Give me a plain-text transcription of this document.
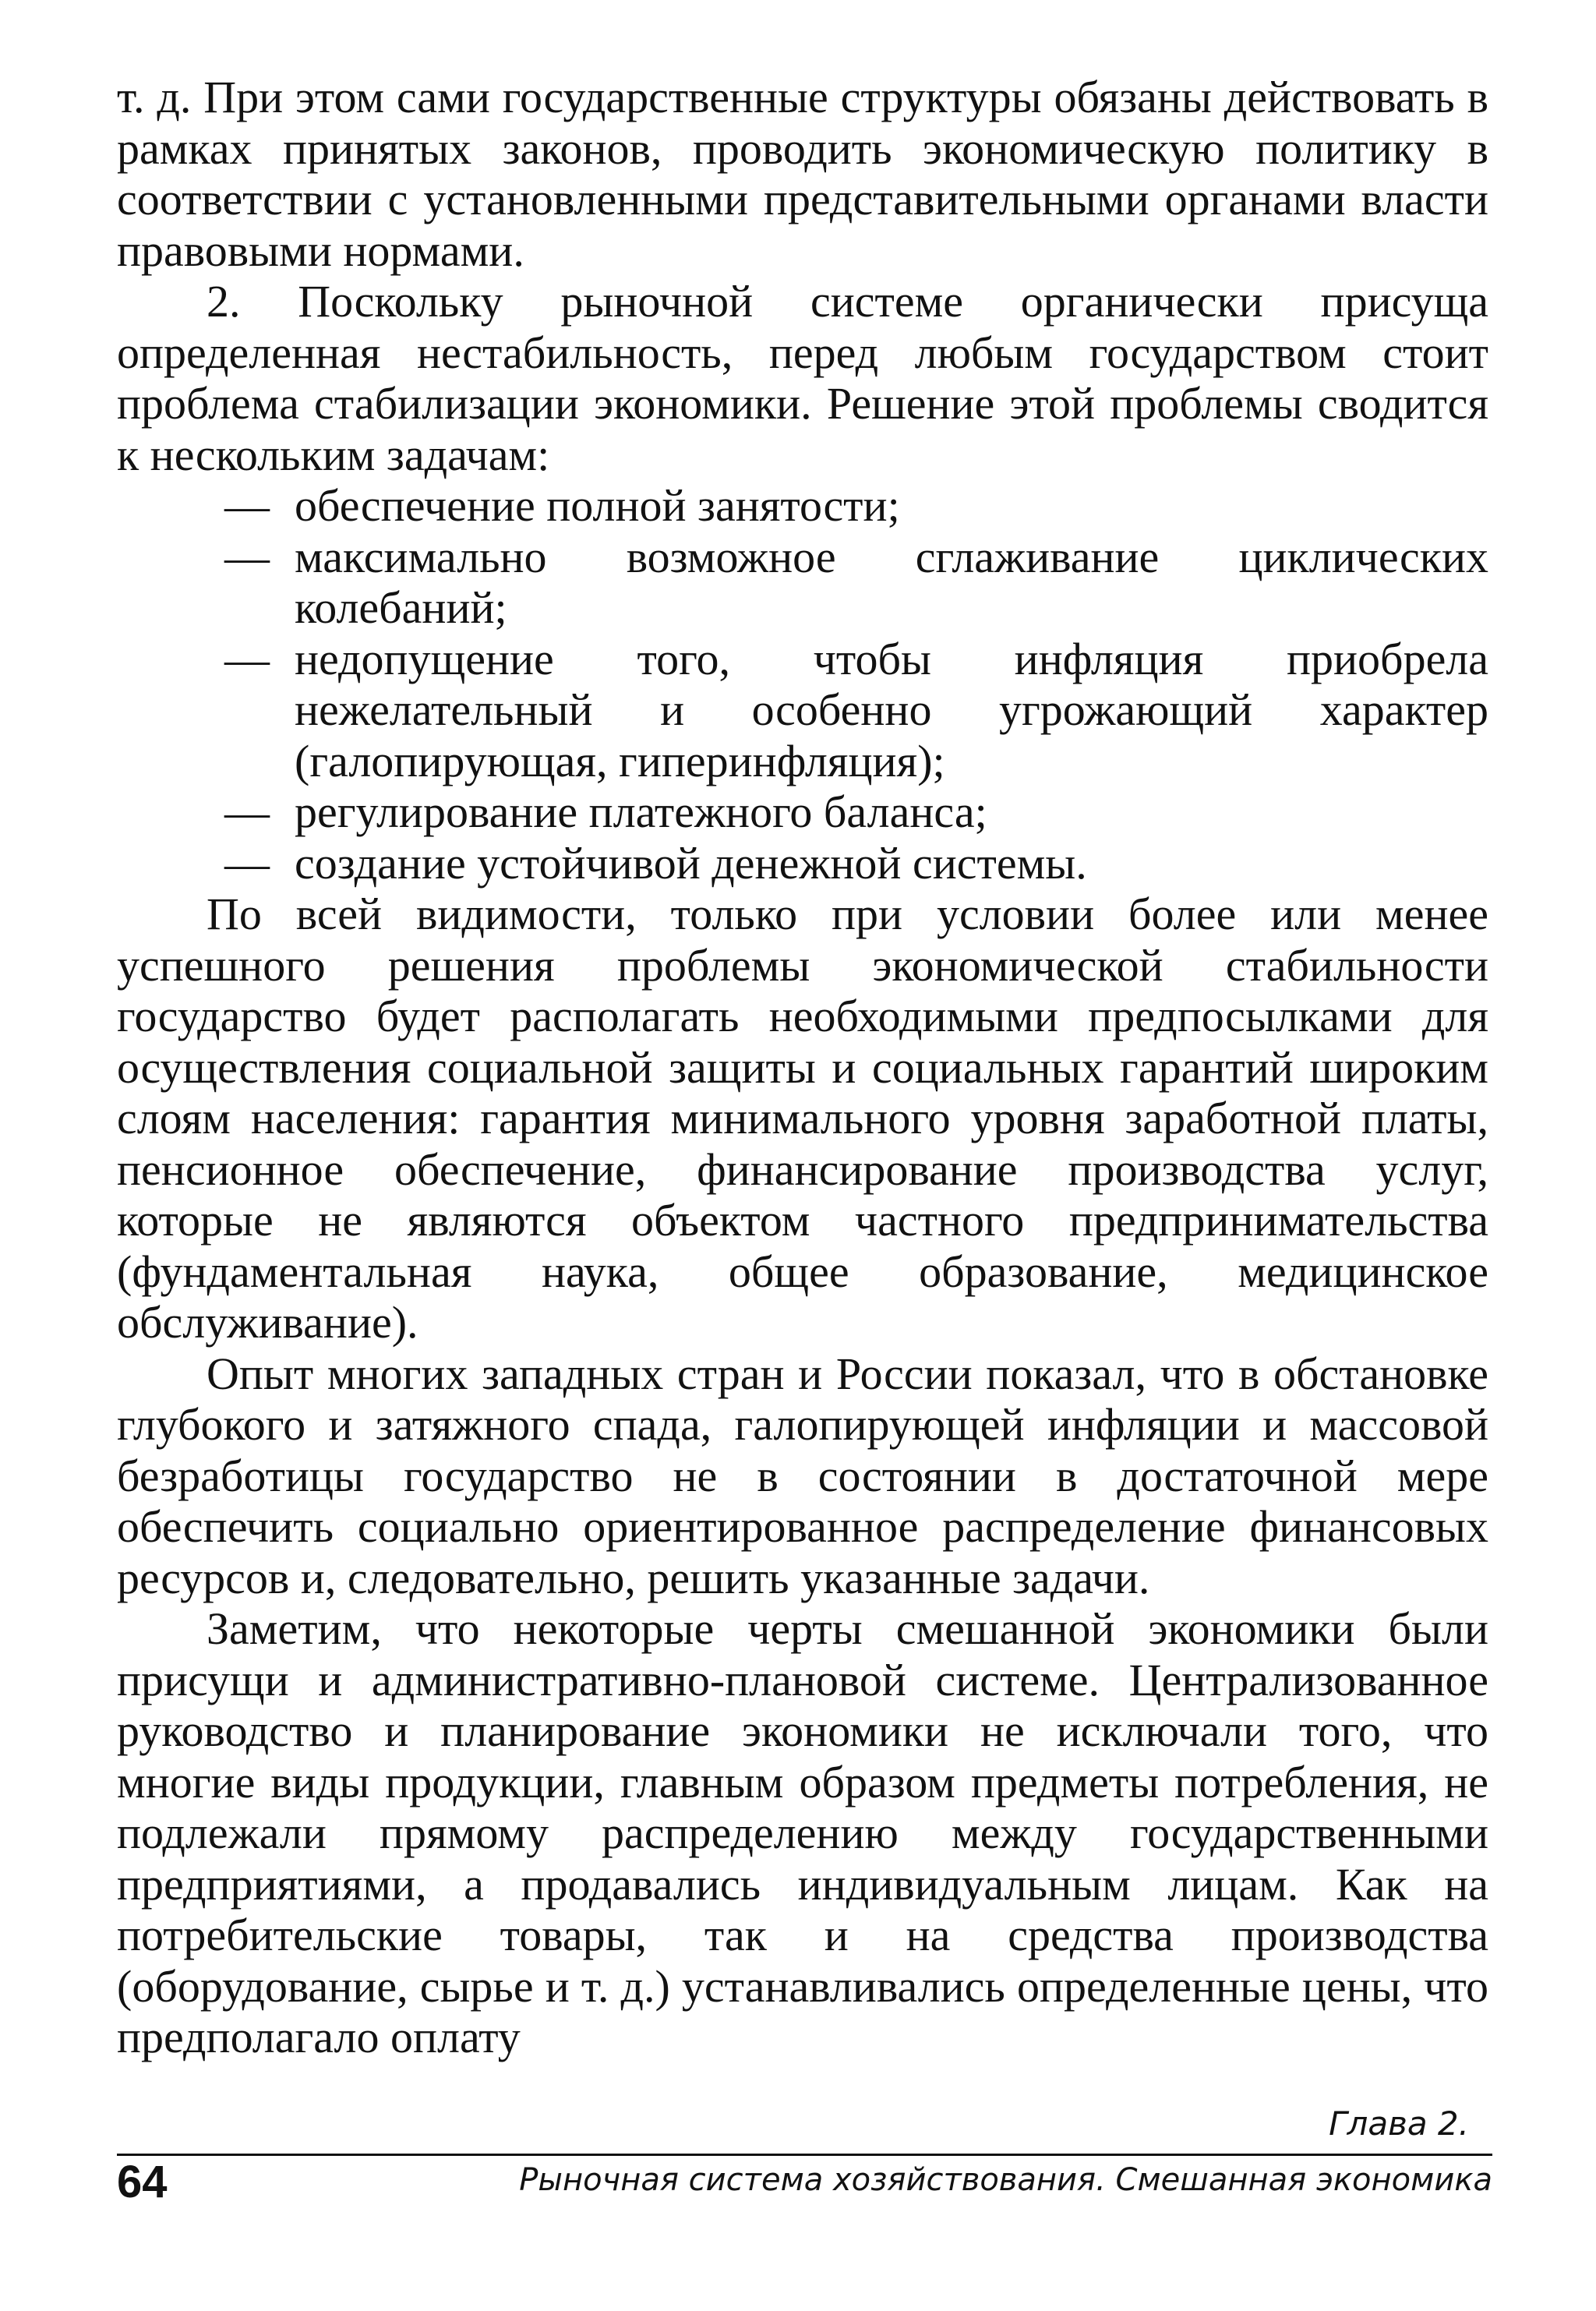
т. д. При этом сами государственные структуры обязаны действовать в рамках принятых законов, проводить экономическую политику в соответствии с установленными представительными органами власти правовыми нормами.

2. Поскольку рыночной системе органически присуща определенная нестабильность, перед любым государством стоит проблема стабилизации экономики. Решение этой проблемы сводится к нескольким задачам:

— обеспечение полной занятости;
— максимально возможное сглаживание циклических колебаний;
— недопущение того, чтобы инфляция приобрела нежелательный и особенно угрожающий характер (галопирующая, гиперинфляция);
— регулирование платежного баланса;
— создание устойчивой денежной системы.

По всей видимости, только при условии более или менее успешного решения проблемы экономической стабильности государство будет располагать необходимыми предпосылками для осуществления социальной защиты и социальных гарантий широким слоям населения: гарантия минимального уровня заработной платы, пенсионное обеспечение, финансирование производства услуг, которые не являются объектом частного предпринимательства (фундаментальная наука, общее образование, медицинское обслуживание).

Опыт многих западных стран и России показал, что в обстановке глубокого и затяжного спада, галопирующей инфляции и массовой безработицы государство не в состоянии в достаточной мере обеспечить социально ориентированное распределение финансовых ресурсов и, следовательно, решить указанные задачи.

Заметим, что некоторые черты смешанной экономики были присущи и административно-плановой системе. Централизованное руководство и планирование экономики не исключали того, что многие виды продукции, главным образом предметы потребления, не подлежали прямому распределению между государственными предприятиями, а продавались индивидуальным лицам. Как на потребительские товары, так и на средства производства (оборудование, сырье и т. д.) устанавливались определенные цены, что предполагало оплату

Глава 2.
64	Рыночная система хозяйствования. Смешанная экономика
